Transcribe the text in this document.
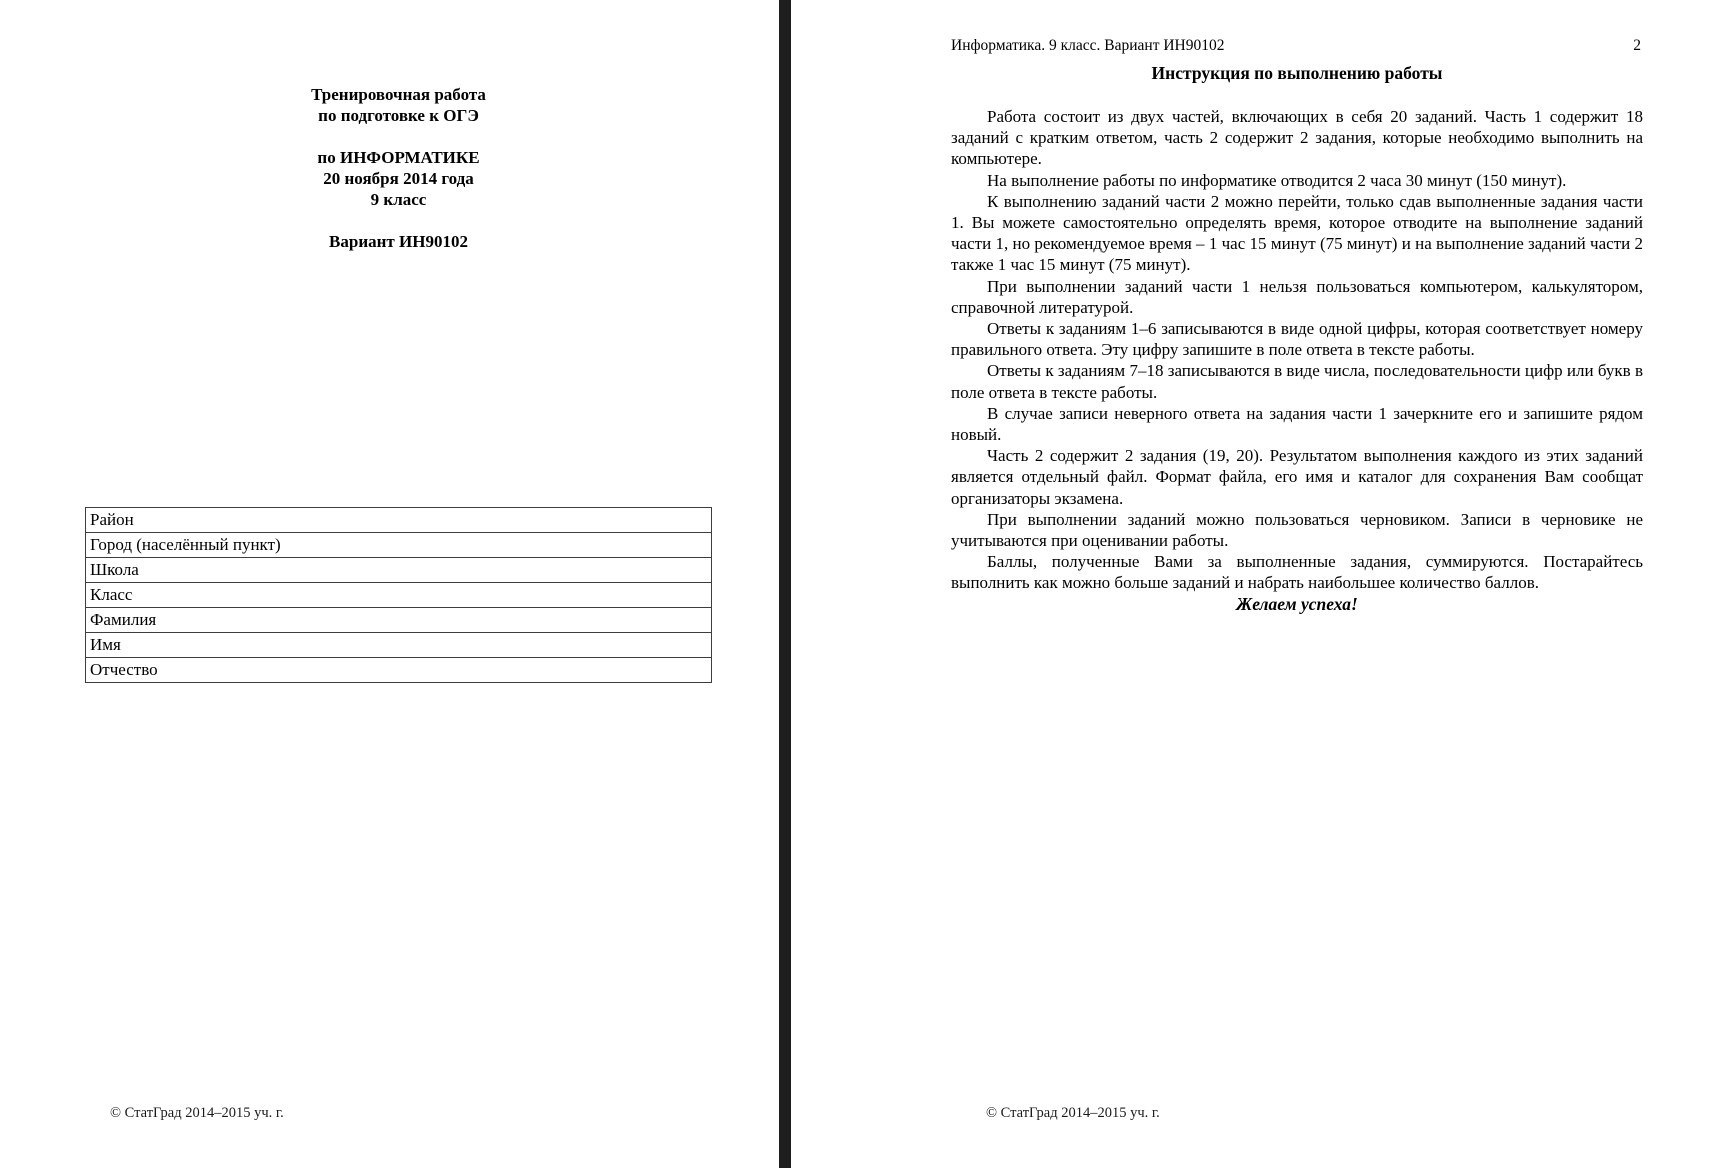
Тренировочная работа
по подготовке к ОГЭ
по ИНФОРМАТИКЕ
20 ноября 2014 года
9 класс
Вариант ИН90102
Район
Город (населённый пункт)
Школа
Класс
Фамилия
Имя
Отчество
© СтатГрад 2014–2015 уч. г.
Информатика. 9 класс. Вариант ИН90102	2
Инструкция по выполнению работы

Работа состоит из двух частей, включающих в себя 20 заданий. Часть 1 содержит 18 заданий с кратким ответом, часть 2 содержит 2 задания, которые необходимо выполнить на компьютере.

На выполнение работы по информатике отводится 2 часа 30 минут (150 минут).

К выполнению заданий части 2 можно перейти, только сдав выполненные задания части 1. Вы можете самостоятельно определять время, которое отводите на выполнение заданий части 1, но рекомендуемое время – 1 час 15 минут (75 минут) и на выполнение заданий части 2 также 1 час 15 минут (75 минут).

При выполнении заданий части 1 нельзя пользоваться компьютером, калькулятором, справочной литературой.

Ответы к заданиям 1–6 записываются в виде одной цифры, которая соответствует номеру правильного ответа. Эту цифру запишите в поле ответа в тексте работы.

Ответы к заданиям 7–18 записываются в виде числа, последовательности цифр или букв в поле ответа в тексте работы.

В случае записи неверного ответа на задания части 1 зачеркните его и запишите рядом новый.

Часть 2 содержит 2 задания (19, 20). Результатом выполнения каждого из этих заданий является отдельный файл. Формат файла, его имя и каталог для сохранения Вам сообщат организаторы экзамена.

При выполнении заданий можно пользоваться черновиком. Записи в черновике не учитываются при оценивании работы.

Баллы, полученные Вами за выполненные задания, суммируются. Постарайтесь выполнить как можно больше заданий и набрать наибольшее количество баллов.

Желаем успеха!

© СтатГрад 2014–2015 уч. г.
